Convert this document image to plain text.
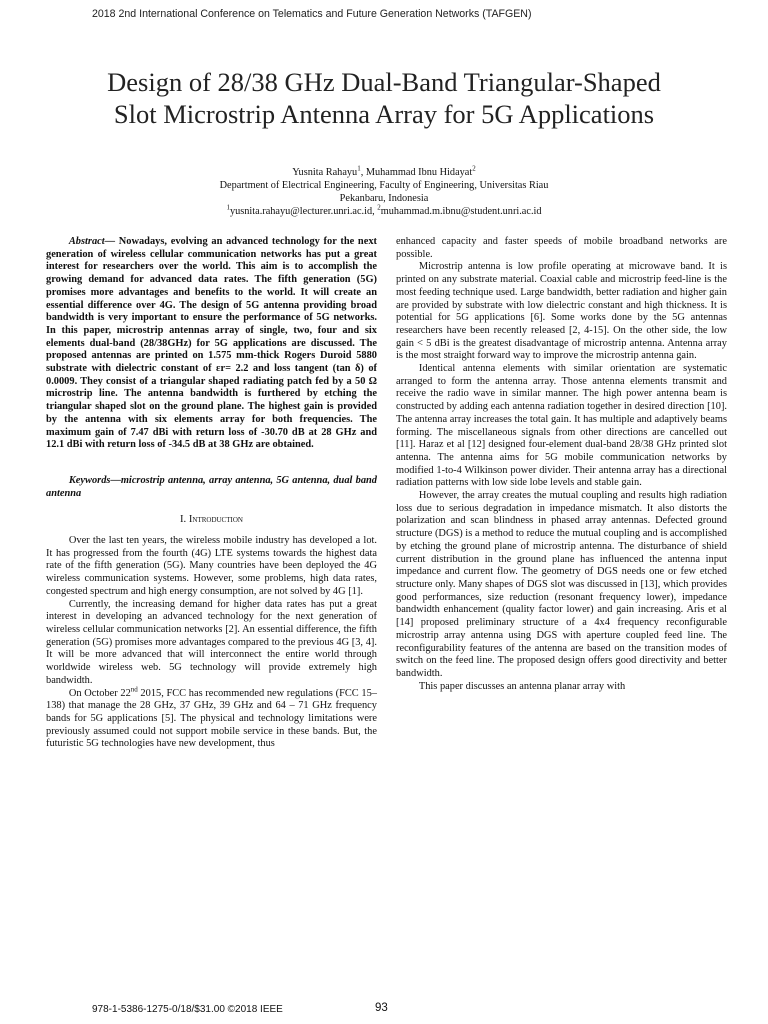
2018 2nd International Conference on Telematics and Future Generation Networks (TAFGEN)
Design of 28/38 GHz Dual-Band Triangular-Shaped
Slot Microstrip Antenna Array for 5G Applications
Yusnita Rahayu$^1$, Muhammad Ibnu Hidayat$^2$
Department of Electrical Engineering, Faculty of Engineering, Universitas Riau
Pekanbaru, Indonesia
$^1$yusnita.rahayu@lecturer.unri.ac.id, $^2$muhammad.m.ibnu@student.unri.ac.id

Abstract— Nowadays, evolving an advanced technology for the next generation of wireless cellular communication networks has put a great interest for researchers over the world. This aim is to accomplish the growing demand for advanced data rates. The fifth generation (5G) promises more advantages and benefits to the world. It will create an essential difference over 4G. The design of 5G antenna providing broad bandwidth is very important to ensure the performance of 5G networks. In this paper, microstrip antennas array of single, two, four and six elements dual-band (28/38GHz) for 5G applications are discussed. The proposed antennas are printed on 1.575 mm-thick Rogers Duroid 5880 substrate with dielectric constant of εr= 2.2 and loss tangent (tan δ) of 0.0009. They consist of a triangular shaped radiating patch fed by a 50 Ω microstrip line. The antenna bandwidth is furthered by etching the triangular shaped slot on the ground plane. The highest gain is provided by the antenna with six elements array for both frequencies. The maximum gain of 7.47 dBi with return loss of -30.70 dB at 28 GHz and 12.1 dBi with return loss of -34.5 dB at 38 GHz are obtained.

Keywords—microstrip antenna, array antenna, 5G antenna, dual band antenna

I. Introduction

Over the last ten years, the wireless mobile industry has developed a lot. It has progressed from the fourth (4G) LTE systems towards the highest data rate of the fifth generation (5G). Many countries have been deployed the 4G wireless communication systems. However, some problems, high data rates, congested spectrum and high energy consumption, are not solved by 4G [1].

Currently, the increasing demand for higher data rates has put a great interest in developing an advanced technology for the next generation of wireless cellular communication networks [2]. An essential difference, the fifth generation (5G) promises more advantages compared to the previous 4G [3, 4]. It will be more advanced that will interconnect the entire world through worldwide wireless web. 5G technology will provide extremely high bandwidth.

On October 22nd 2015, FCC has recommended new regulations (FCC 15–138) that manage the 28 GHz, 37 GHz, 39 GHz and 64 – 71 GHz frequency bands for 5G applications [5]. The physical and technology limitations were previously assumed could not support mobile service in these bands. But, the futuristic 5G technologies have new development, thus

enhanced capacity and faster speeds of mobile broadband networks are possible.

Microstrip antenna is low profile operating at microwave band. It is printed on any substrate material. Coaxial cable and microstrip feed-line is the most feeding technique used. Large bandwidth, better radiation and higher gain are provided by substrate with low dielectric constant and high thickness. It is potential for 5G applications [6]. Some works done by the 5G antennas researchers have been recently released [2, 4-15]. On the other side, the low gain < 5 dBi is the greatest disadvantage of microstrip antenna. Antenna array is the most straight forward way to improve the microstrip antenna gain.

Identical antenna elements with similar orientation are systematic arranged to form the antenna array. Those antenna elements transmit and receive the radio wave in similar manner. The high power antenna beam is constructed by adding each antenna radiation together in desired direction [10]. The antenna array increases the total gain. It has multiple and adaptively beams forming. The miscellaneous signals from other directions are cancelled out [11]. Haraz et al [12] designed four-element dual-band 28/38 GHz printed slot antenna. The antenna aims for 5G mobile communication networks by modified 1-to-4 Wilkinson power divider. Their antenna array has a directional radiation patterns with low side lobe levels and stable gain.

However, the array creates the mutual coupling and results high radiation loss due to serious degradation in impedance mismatch. It also distorts the polarization and scan blindness in phased array antennas. Defected ground structure (DGS) is a method to reduce the mutual coupling and is accomplished by etching the ground plane of microstrip antenna. The disturbance of shield current distribution in the ground plane has influenced the antenna input impedance and current flow. The geometry of DGS needs one or few etched structure only. Many shapes of DGS slot was discussed in [13], which provides good performances, size reduction (resonant frequency lower), impedance bandwidth enhancement (quality factor lower) and gain increasing. Aris et al [14] proposed preliminary structure of a 4x4 frequency reconfigurable microstrip array antenna using DGS with aperture coupled feed line. The reconfigurability features of the antenna are based on the transition modes of switch on the feed line. The proposed design offers good directivity and better bandwidth.

This paper discusses an antenna planar array with

978-1-5386-1275-0/18/$31.00 ©2018 IEEE	93
